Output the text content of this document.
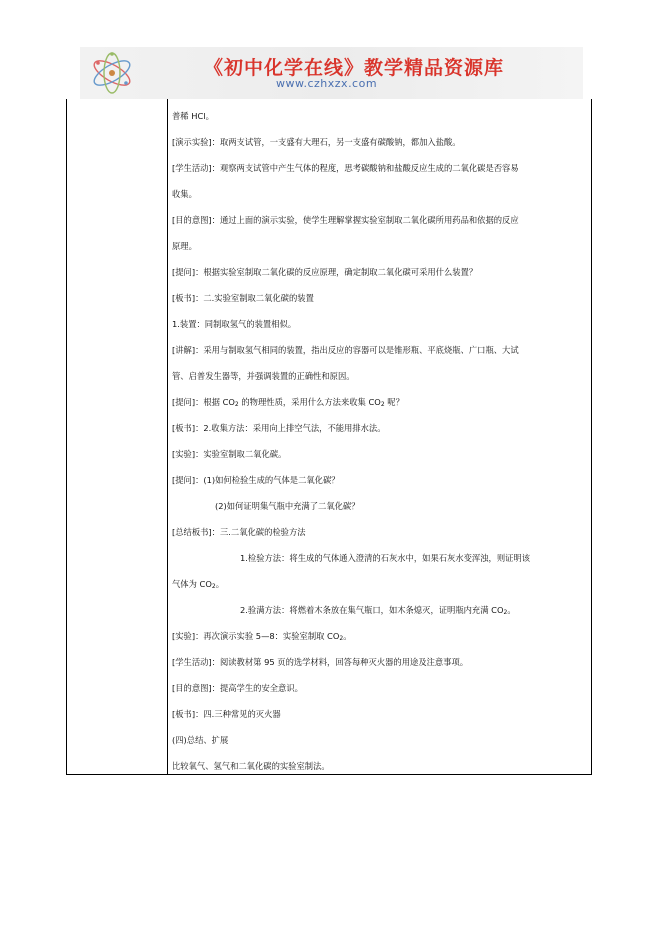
《初中化学在线》教学精品资源库
www.czhxzx.com
普稀 HCl。
[演示实验]：取两支试管，一支盛有大理石，另一支盛有碳酸钠，都加入盐酸。
[学生活动]：观察两支试管中产生气体的程度，思考碳酸钠和盐酸反应生成的二氧化碳是否容易
收集。
[目的意图]：通过上面的演示实验，使学生理解掌握实验室制取二氧化碳所用药品和依据的反应
原理。
[提问]：根据实验室制取二氧化碳的反应原理，确定制取二氧化碳可采用什么装置？
[板书]：二.实验室制取二氧化碳的装置
1.装置：同制取氢气的装置相似。
[讲解]：采用与制取氢气相同的装置，指出反应的容器可以是锥形瓶、平底烧瓶、广口瓶、大试
管、启普发生器等，并强调装置的正确性和原因。
[提问]：根据 $CO_2$ 的物理性质，采用什么方法来收集 $CO_2$ 呢？
[板书]：2.收集方法：采用向上排空气法，不能用排水法。
[实验]：实验室制取二氧化碳。
[提问]：(1)如何检验生成的气体是二氧化碳？
(2)如何证明集气瓶中充满了二氧化碳？
[总结板书]：三.二氧化碳的检验方法
1.检验方法：将生成的气体通入澄清的石灰水中，如果石灰水变浑浊，则证明该
气体为 $CO_2$。
2.验满方法：将燃着木条放在集气瓶口，如木条熄灭，证明瓶内充满 $CO_2$。
[实验]：再次演示实验 5—8：实验室制取 $CO_2$。
[学生活动]：阅读教材第 95 页的选学材料，回答每种灭火器的用途及注意事项。
[目的意图]：提高学生的安全意识。
[板书]：四.三种常见的灭火器
(四)总结、扩展
比较氧气、氢气和二氧化碳的实验室制法。
